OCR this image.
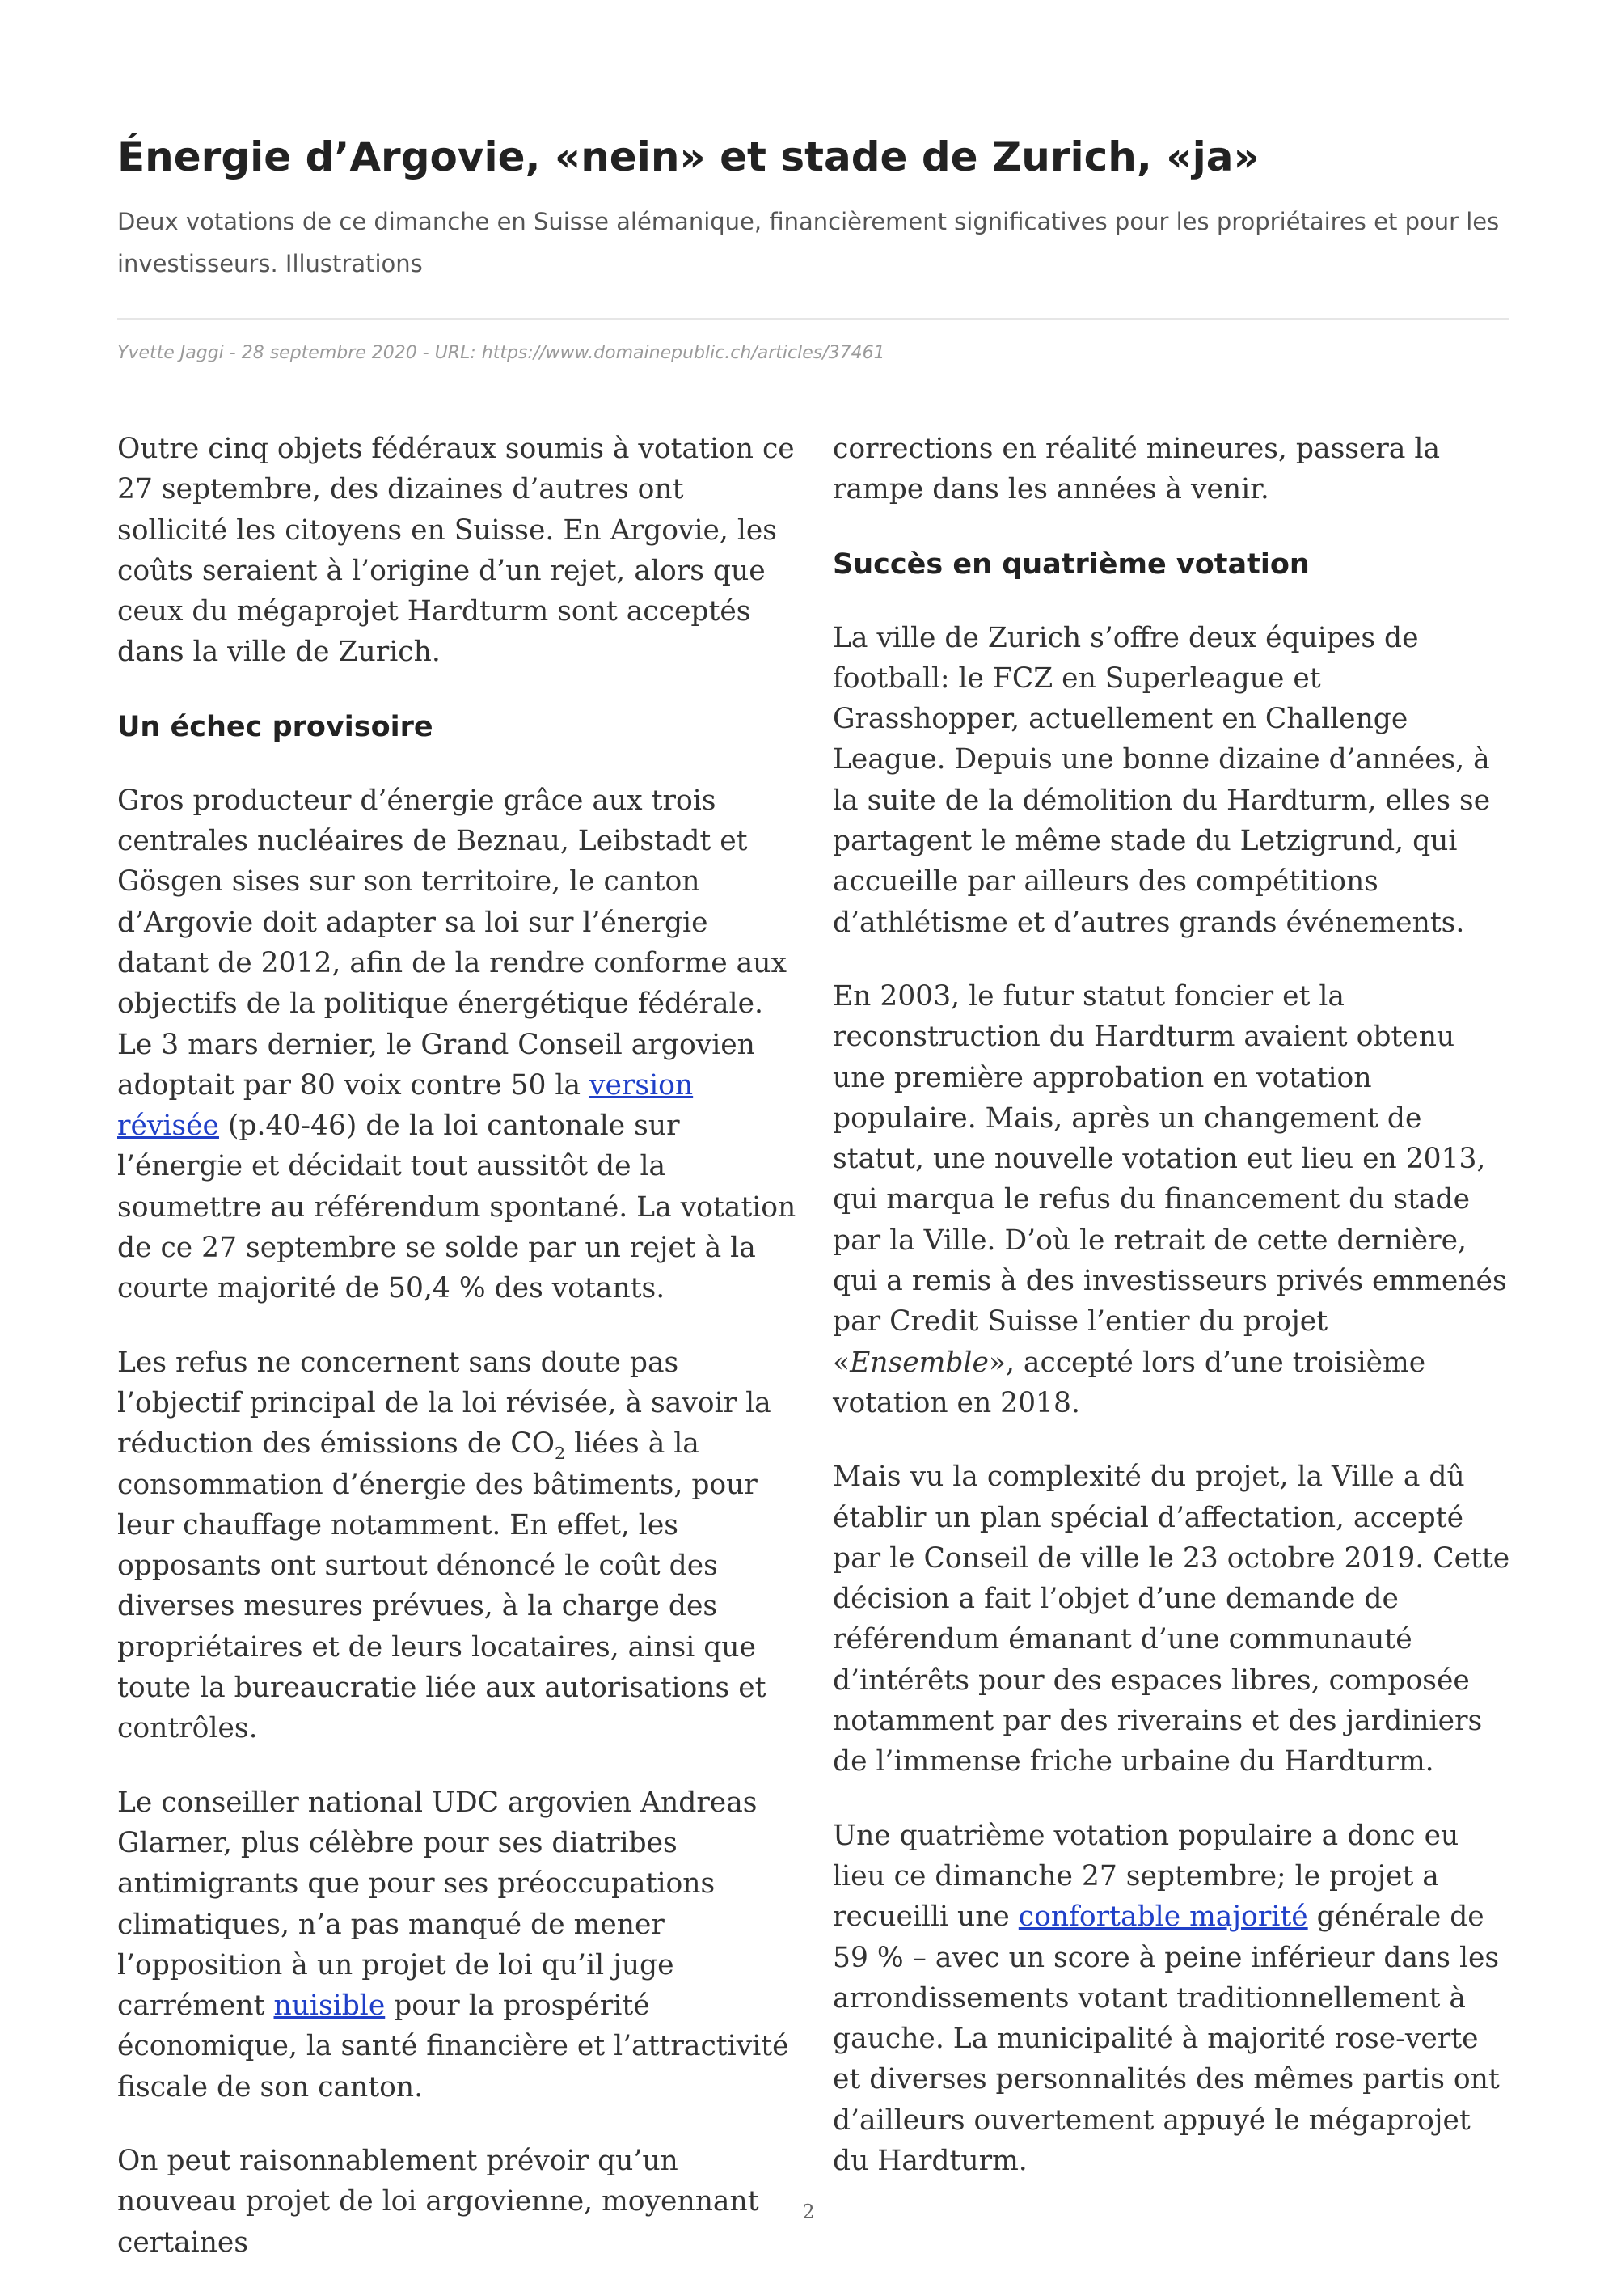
Énergie d’Argovie, «nein» et stade de Zurich, «ja»

Deux votations de ce dimanche en Suisse alémanique, financièrement significatives pour les propriétaires et pour les investisseurs. Illustrations

Yvette Jaggi - 28 septembre 2020 - URL: https://www.domainepublic.ch/articles/37461

Outre cinq objets fédéraux soumis à votation ce 27 septembre, des dizaines d’autres ont sollicité les citoyens en Suisse. En Argovie, les coûts seraient à l’origine d’un rejet, alors que ceux du mégaprojet Hardturm sont acceptés dans la ville de Zurich.

Un échec provisoire

Gros producteur d’énergie grâce aux trois centrales nucléaires de Beznau, Leibstadt et Gösgen sises sur son territoire, le canton d’Argovie doit adapter sa loi sur l’énergie datant de 2012, afin de la rendre conforme aux objectifs de la politique énergétique fédérale. Le 3 mars dernier, le Grand Conseil argovien adoptait par 80 voix contre 50 la version révisée (p.40-46) de la loi cantonale sur l’énergie et décidait tout aussitôt de la soumettre au référendum spontané. La votation de ce 27 septembre se solde par un rejet à la courte majorité de 50,4 % des votants.

Les refus ne concernent sans doute pas l’objectif principal de la loi révisée, à savoir la réduction des émissions de $CO_2$ liées à la consommation d’énergie des bâtiments, pour leur chauffage notamment. En effet, les opposants ont surtout dénoncé le coût des diverses mesures prévues, à la charge des propriétaires et de leurs locataires, ainsi que toute la bureaucratie liée aux autorisations et contrôles.

Le conseiller national UDC argovien Andreas Glarner, plus célèbre pour ses diatribes antimigrants que pour ses préoccupations climatiques, n’a pas manqué de mener l’opposition à un projet de loi qu’il juge carrément nuisible pour la prospérité économique, la santé financière et l’attractivité fiscale de son canton.

On peut raisonnablement prévoir qu’un nouveau projet de loi argovienne, moyennant certaines

corrections en réalité mineures, passera la rampe dans les années à venir.

Succès en quatrième votation

La ville de Zurich s’offre deux équipes de football: le FCZ en Superleague et Grasshopper, actuellement en Challenge League. Depuis une bonne dizaine d’années, à la suite de la démolition du Hardturm, elles se partagent le même stade du Letzigrund, qui accueille par ailleurs des compétitions d’athlétisme et d’autres grands événements.

En 2003, le futur statut foncier et la reconstruction du Hardturm avaient obtenu une première approbation en votation populaire. Mais, après un changement de statut, une nouvelle votation eut lieu en 2013, qui marqua le refus du financement du stade par la Ville. D’où le retrait de cette dernière, qui a remis à des investisseurs privés emmenés par Credit Suisse l’entier du projet «Ensemble», accepté lors d’une troisième votation en 2018.

Mais vu la complexité du projet, la Ville a dû établir un plan spécial d’affectation, accepté par le Conseil de ville le 23 octobre 2019. Cette décision a fait l’objet d’une demande de référendum émanant d’une communauté d’intérêts pour des espaces libres, composée notamment par des riverains et des jardiniers de l’immense friche urbaine du Hardturm.

Une quatrième votation populaire a donc eu lieu ce dimanche 27 septembre; le projet a recueilli une confortable majorité générale de 59 % – avec un score à peine inférieur dans les arrondissements votant traditionnellement à gauche. La municipalité à majorité rose-verte et diverses personnalités des mêmes partis ont d’ailleurs ouvertement appuyé le mégaprojet du Hardturm.

2
